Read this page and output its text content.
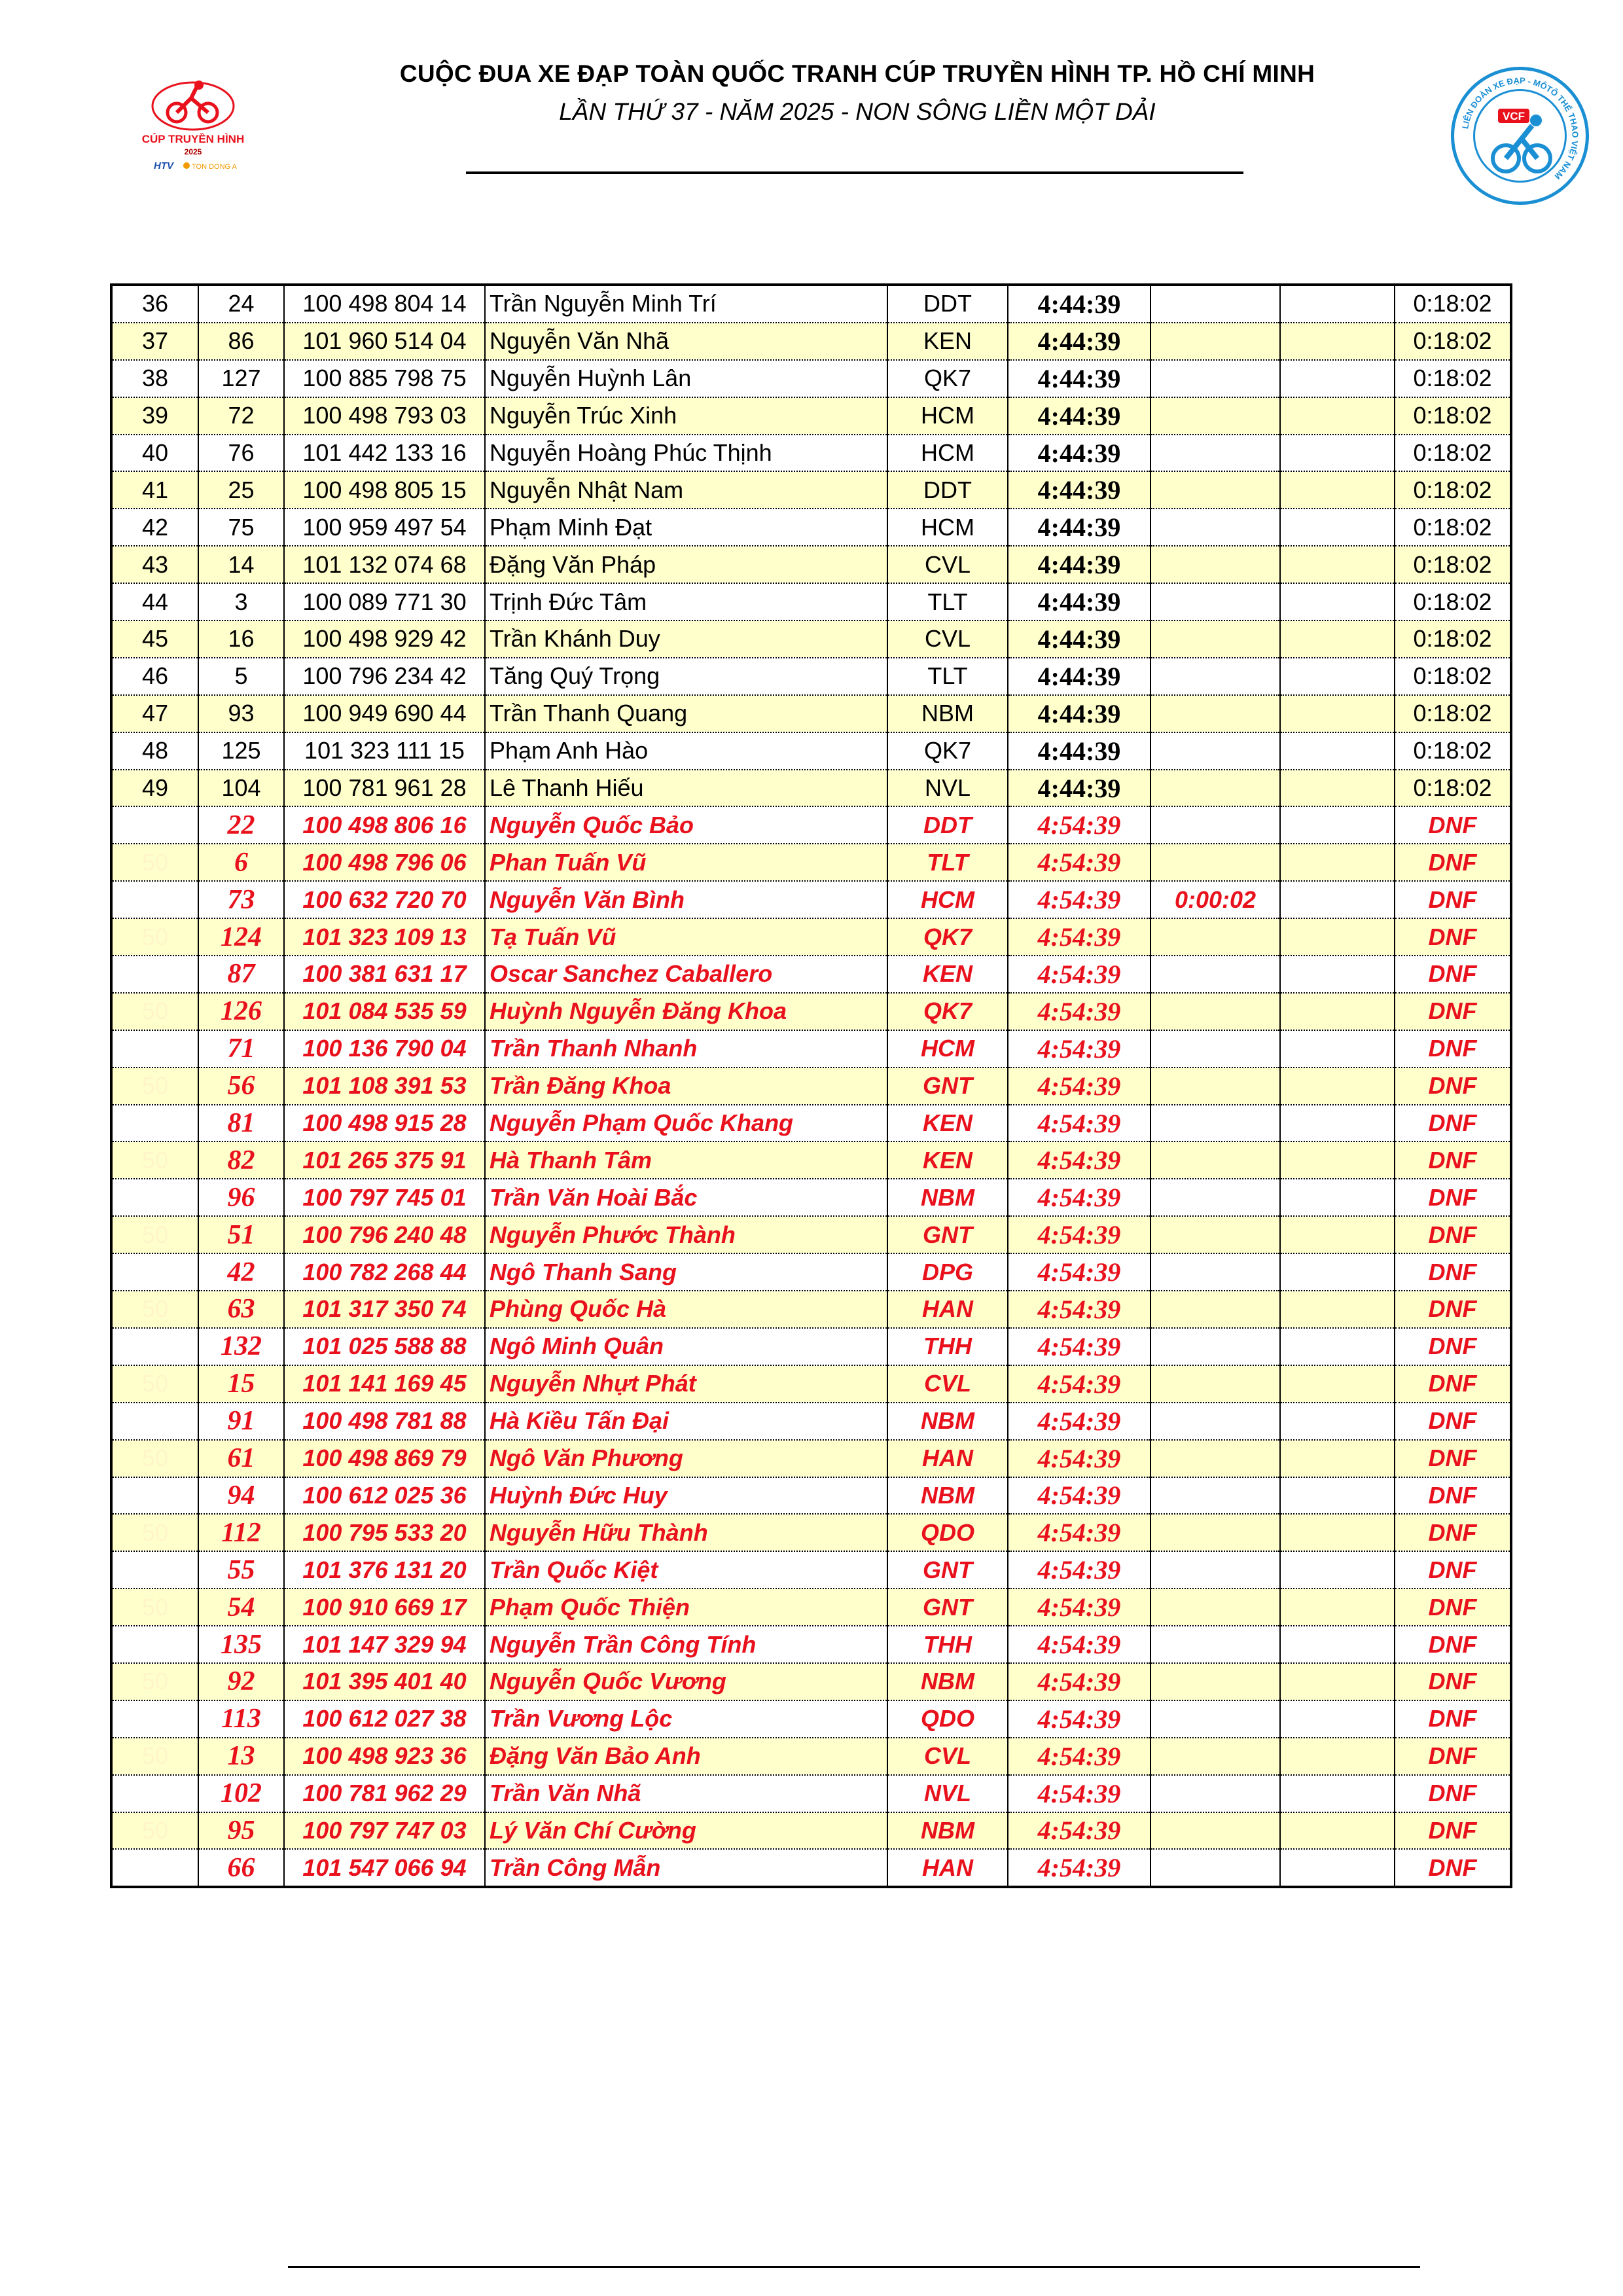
CÚP TRUYỀN HÌNH
2025
HTV	TON DONG A
CUỘC ĐUA XE ĐẠP TOÀN QUỐC TRANH CÚP TRUYỀN HÌNH TP. HỒ CHÍ MINH
LẦN THỨ 37 - NĂM 2025 - NON SÔNG LIỀN MỘT DẢI
LIÊN ĐOÀN XE ĐẠP - MÔTÔ THỂ THAO VIỆT NAM
VCF
36	24	100 498 804 14	Trần Nguyễn Minh Trí	DDT	4:44:39			0:18:02
37	86	101 960 514 04	Nguyễn Văn Nhã	KEN	4:44:39			0:18:02
38	127	100 885 798 75	Nguyễn Huỳnh Lân	QK7	4:44:39			0:18:02
39	72	100 498 793 03	Nguyễn Trúc Xinh	HCM	4:44:39			0:18:02
40	76	101 442 133 16	Nguyễn Hoàng Phúc Thịnh	HCM	4:44:39			0:18:02
41	25	100 498 805 15	Nguyễn Nhật Nam	DDT	4:44:39			0:18:02
42	75	100 959 497 54	Phạm Minh Đạt	HCM	4:44:39			0:18:02
43	14	101 132 074 68	Đặng Văn Pháp	CVL	4:44:39			0:18:02
44	3	100 089 771 30	Trịnh Đức Tâm	TLT	4:44:39			0:18:02
45	16	100 498 929 42	Trần Khánh Duy	CVL	4:44:39			0:18:02
46	5	100 796 234 42	Tăng Quý Trọng	TLT	4:44:39			0:18:02
47	93	100 949 690 44	Trần Thanh Quang	NBM	4:44:39			0:18:02
48	125	101 323 111 15	Phạm Anh Hào	QK7	4:44:39			0:18:02
49	104	100 781 961 28	Lê Thanh Hiếu	NVL	4:44:39			0:18:02
	22	100 498 806 16	Nguyễn Quốc Bảo	DDT	4:54:39			DNF
50	6	100 498 796 06	Phan Tuấn Vũ	TLT	4:54:39			DNF
	73	100 632 720 70	Nguyễn Văn Bình	HCM	4:54:39	0:00:02		DNF
50	124	101 323 109 13	Tạ Tuấn Vũ	QK7	4:54:39			DNF
	87	100 381 631 17	Oscar Sanchez Caballero	KEN	4:54:39			DNF
50	126	101 084 535 59	Huỳnh Nguyễn Đăng Khoa	QK7	4:54:39			DNF
	71	100 136 790 04	Trần Thanh Nhanh	HCM	4:54:39			DNF
50	56	101 108 391 53	Trần Đăng Khoa	GNT	4:54:39			DNF
	81	100 498 915 28	Nguyễn Phạm Quốc Khang	KEN	4:54:39			DNF
50	82	101 265 375 91	Hà Thanh Tâm	KEN	4:54:39			DNF
	96	100 797 745 01	Trần Văn Hoài Bắc	NBM	4:54:39			DNF
50	51	100 796 240 48	Nguyễn Phước Thành	GNT	4:54:39			DNF
	42	100 782 268 44	Ngô Thanh Sang	DPG	4:54:39			DNF
50	63	101 317 350 74	Phùng Quốc Hà	HAN	4:54:39			DNF
	132	101 025 588 88	Ngô Minh Quân	THH	4:54:39			DNF
50	15	101 141 169 45	Nguyễn Nhựt Phát	CVL	4:54:39			DNF
	91	100 498 781 88	Hà Kiều Tấn Đại	NBM	4:54:39			DNF
50	61	100 498 869 79	Ngô Văn Phương	HAN	4:54:39			DNF
	94	100 612 025 36	Huỳnh Đức Huy	NBM	4:54:39			DNF
50	112	100 795 533 20	Nguyễn Hữu Thành	QDO	4:54:39			DNF
	55	101 376 131 20	Trần Quốc Kiệt	GNT	4:54:39			DNF
50	54	100 910 669 17	Phạm Quốc Thiện	GNT	4:54:39			DNF
	135	101 147 329 94	Nguyễn Trần Công Tính	THH	4:54:39			DNF
50	92	101 395 401 40	Nguyễn Quốc Vương	NBM	4:54:39			DNF
	113	100 612 027 38	Trần Vương Lộc	QDO	4:54:39			DNF
50	13	100 498 923 36	Đặng Văn Bảo Anh	CVL	4:54:39			DNF
	102	100 781 962 29	Trần Văn Nhã	NVL	4:54:39			DNF
50	95	100 797 747 03	Lý Văn Chí Cường	NBM	4:54:39			DNF
	66	101 547 066 94	Trần Công Mẫn	HAN	4:54:39			DNF
